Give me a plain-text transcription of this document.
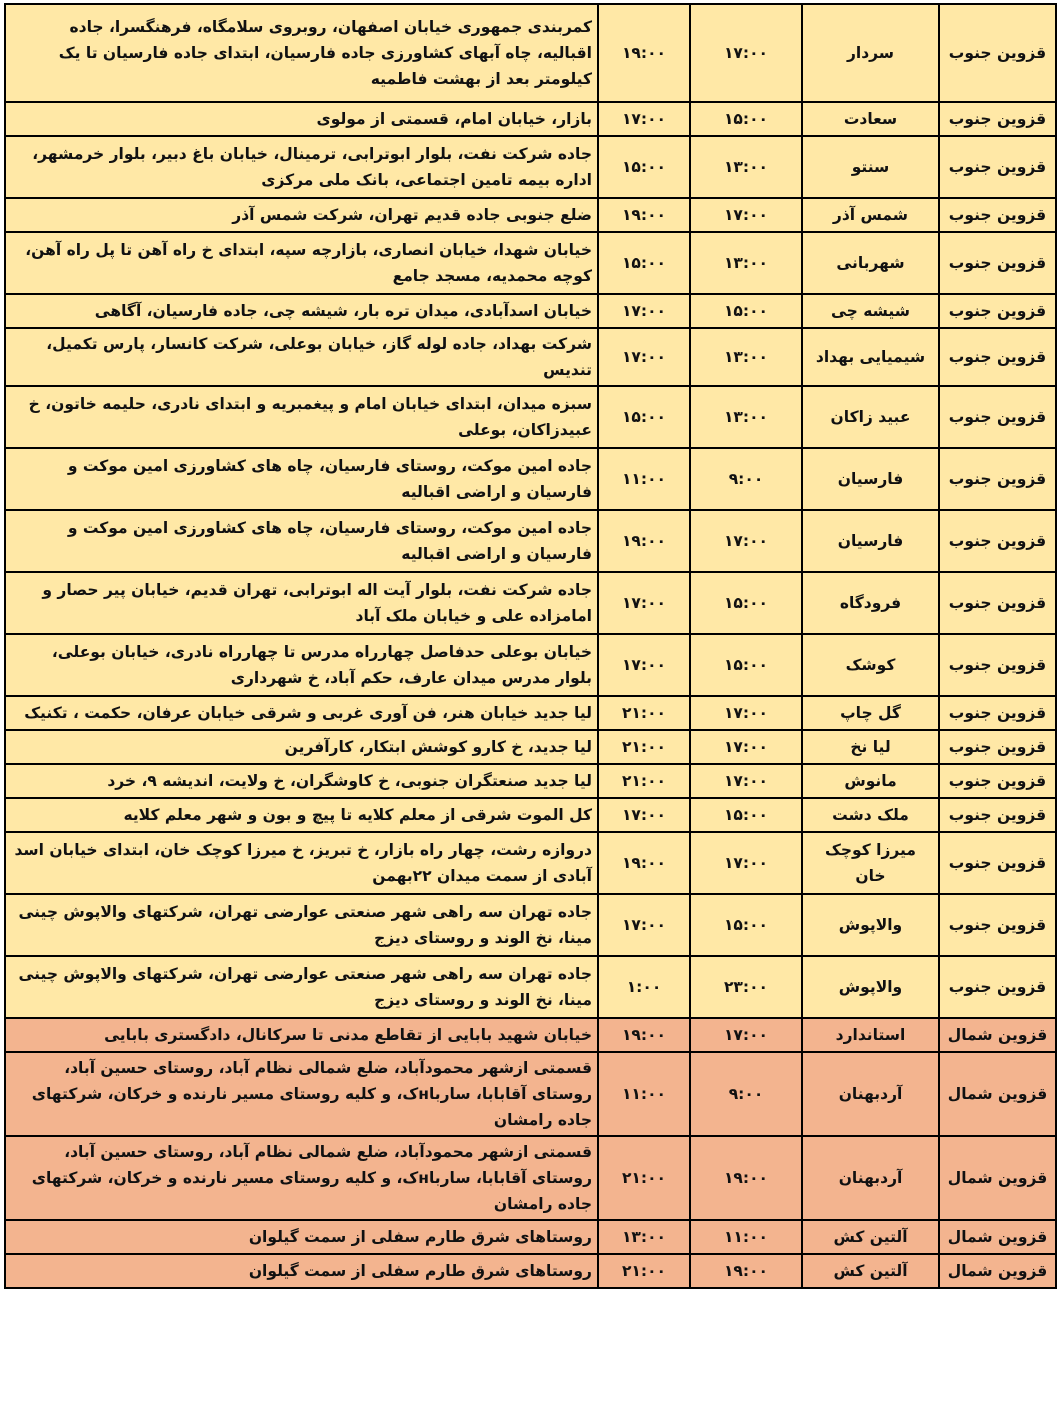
قزوین جنوب	سردار	۱۷:۰۰	۱۹:۰۰	کمربندی جمهوری خیابان اصفهان، روبروی سلامگاه، فرهنگسرا، جاده اقبالیه، چاه آبهای کشاورزی جاده فارسیان، ابتدای جاده فارسیان تا یک کیلومتر بعد از بهشت فاطمیه
قزوین جنوب	سعادت	۱۵:۰۰	۱۷:۰۰	بازار، خیابان امام، قسمتی از مولوی
قزوین جنوب	سنتو	۱۳:۰۰	۱۵:۰۰	جاده شرکت نفت، بلوار ابوترابی، ترمینال، خیابان باغ دبیر، بلوار خرمشهر، اداره بیمه تامین اجتماعی، بانک ملی مرکزی
قزوین جنوب	شمس آذر	۱۷:۰۰	۱۹:۰۰	ضلع جنوبی جاده قدیم تهران، شرکت شمس آذر
قزوین جنوب	شهربانی	۱۳:۰۰	۱۵:۰۰	خیابان شهدا، خیابان انصاری، بازارچه سپه، ابتدای خ راه آهن تا پل راه آهن، کوچه محمدیه، مسجد جامع
قزوین جنوب	شیشه چی	۱۵:۰۰	۱۷:۰۰	خیابان اسدآبادی، میدان تره بار، شیشه چی، جاده فارسیان، آگاهی
قزوین جنوب	شیمیایی بهداد	۱۳:۰۰	۱۷:۰۰	شرکت بهداد، جاده لوله گاز، خیابان بوعلی، شرکت کانسار، پارس تکمیل، تندیس
قزوین جنوب	عبید زاکان	۱۳:۰۰	۱۵:۰۰	سبزه میدان، ابتدای خیابان امام و پیغمبریه و ابتدای نادری، حلیمه خاتون، خ عبیدزاکان، بوعلی
قزوین جنوب	فارسیان	۹:۰۰	۱۱:۰۰	جاده امین موکت، روستای فارسیان، چاه های کشاورزی امین موکت و فارسیان و اراضی اقبالیه
قزوین جنوب	فارسیان	۱۷:۰۰	۱۹:۰۰	جاده امین موکت، روستای فارسیان، چاه های کشاورزی امین موکت و فارسیان و اراضی اقبالیه
قزوین جنوب	فرودگاه	۱۵:۰۰	۱۷:۰۰	جاده شرکت نفت، بلوار آیت اله ابوترابی، تهران قدیم، خیابان پیر حصار و امامزاده علی و خیابان ملک آباد
قزوین جنوب	کوشک	۱۵:۰۰	۱۷:۰۰	خیابان بوعلی حدفاصل چهارراه مدرس تا چهارراه نادری، خیابان بوعلی، بلوار مدرس میدان عارف، حکم آباد، خ شهرداری
قزوین جنوب	گل چاپ	۱۷:۰۰	۲۱:۰۰	لیا جدید خیابان هنر، فن آوری غربی و شرقی خیابان عرفان، حکمت ، تکنیک
قزوین جنوب	لیا نخ	۱۷:۰۰	۲۱:۰۰	لیا جدید، خ کارو کوشش ابتکار، کارآفرین
قزوین جنوب	مانوش	۱۷:۰۰	۲۱:۰۰	لیا جدید صنعتگران جنوبی، خ کاوشگران، خ ولایت، اندیشه ۹، خرد
قزوین جنوب	ملک دشت	۱۵:۰۰	۱۷:۰۰	کل الموت شرقی از معلم کلایه تا پیچ و بون و شهر معلم کلایه
قزوین جنوب	میرزا کوچک خان	۱۷:۰۰	۱۹:۰۰	دروازه رشت، چهار راه بازار، خ تبریز، خ میرزا کوچک خان، ابتدای خیابان اسد آبادی از سمت میدان ۲۲بهمن
قزوین جنوب	والاپوش	۱۵:۰۰	۱۷:۰۰	جاده تهران سه راهی شهر صنعتی عوارضی تهران، شرکتهای والاپوش چینی مینا، نخ الوند و روستای دیزج
قزوین جنوب	والاپوش	۲۳:۰۰	۱:۰۰	جاده تهران سه راهی شهر صنعتی عوارضی تهران، شرکتهای والاپوش چینی مینا، نخ الوند و روستای دیزج
قزوین شمال	استاندارد	۱۷:۰۰	۱۹:۰۰	خیابان شهید بابایی از تقاطع مدنی تا سرکانال، دادگستری بابایی
قزوین شمال	آردبهنان	۹:۰۰	۱۱:۰۰	قسمتی ازشهر محمودآباد، ضلع شمالی نظام آباد، روستای حسین آباد، روستای آقابابا، سارباнک، و کلیه روستای مسیر نارنده و خرکان، شرکتهای جاده رامشان
قزوین شمال	آردبهنان	۱۹:۰۰	۲۱:۰۰	قسمتی ازشهر محمودآباد، ضلع شمالی نظام آباد، روستای حسین آباد، روستای آقابابا، سارباнک، و کلیه روستای مسیر نارنده و خرکان، شرکتهای جاده رامشان
قزوین شمال	آلتین کش	۱۱:۰۰	۱۳:۰۰	روستاهای شرق طارم سفلی از سمت گیلوان
قزوین شمال	آلتین کش	۱۹:۰۰	۲۱:۰۰	روستاهای شرق طارم سفلی از سمت گیلوان
